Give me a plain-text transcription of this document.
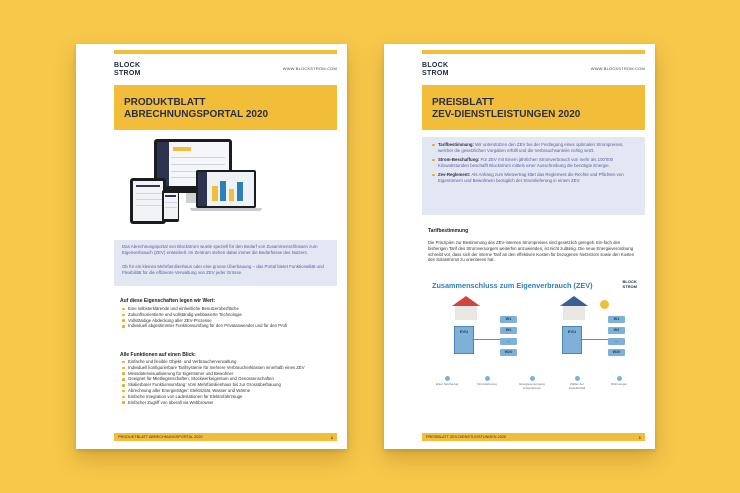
BLOCK
STROM
WWW.BLOCKSTROM.COM
PRODUKTBLATT
ABRECHNUNGSPORTAL 2020
Das Abrechnungsportal von Blockstrom wurde speziell für den Bedarf von Zusammenschlüssen zum Eigenverbrauch (ZEV) entwickelt. Im Zentrum stehen dabei immer die Bedürfnisse des Nutzers.
Ob für ein kleines Mehrfamilienhaus oder eine grosse Überbauung – das Portal bietet Funktionalität und Flexibilität für die effiziente Verwaltung von ZEV jeder Grösse.
Auf diese Eigenschaften legen wir Wert:
Eine selbsterklärende und einheitliche Benutzeroberfläche
Zukunftsorientierte und vollständig webbasierte Technologie
Vollständige Abdeckung aller ZEV-Prozesse
Individuell abgestimmter Funktionsumfang für den Privatanwender und für den Profi
Alle Funktionen auf einen Blick:
Einfache und flexible Objekt- und Verbraucherverwaltung
Individuell konfigurierbare Tarifsysteme für mehrere Verbraucherklassen innerhalb eines ZEV
Messdatenvisualisierung für Eigentümer und Bewohner
Geeignet für Mietliegenschaften, Stockwerkeigentum und Genossenschaften
Skalierbarer Funktionsumfang: Vom Mehrfamilienhaus bis zur Grossüberbauung
Abrechnung aller Energieträger: Elektrizität, Wasser und Wärme
Einfache Integration von Ladestationen für Elektrofahrzeuge
Einfacher Zugriff von überall via Webbrowser
PRODUKTBLATT ABRECHNUNGSPORTAL 2020	1
BLOCK
STROM
WWW.BLOCKSTROM.COM
PREISBLATT
ZEV-DIENSTLEISTUNGEN 2020
Tarifbestimmung: Wir unterstützen den ZEV bei der Festlegung eines optimalen Strompreises, welcher die gesetzlichen Vorgaben erfüllt und die Verbrauchsanteile richtig setzt.
Strom-Beschaffung: Für ZEV mit Einem jährlichen Stromverbrauch von mehr als 100'000 Kilowattstunden beschafft Blockstrom mittels einer Ausschreibung die benötigte Energie.
Zev-Reglement: Als Anhang zum Mietvertrag klärt das Reglement die Rechte und Pflichten von Eigentümern und Bewohnern bezüglich der Stromlieferung in einem ZEV.
Tarifbestimmung
Die Prinzipien zur Bestimmung des ZEV-internen Strompreises sind gesetzlich geregelt. Ein-fach den bisherigen Tarif des Stromversorgers weiterhin anzuwenden, ist nicht zulässig. Die neue Energieverordnung schreibt vor, dass sich der interne Tarif an den effektiven Kosten für bezogenen Netzstrom sowie den Kosten des Solarstroms zu orientieren hat.
Zusammenschluss zum Eigenverbrauch (ZEV)	BLOCK
STROM
EVU
W1
W2
...
W20
EVU
W1
W2
...
W20
Enter Netzbezug	Stromlieferung	Energieversorgung Unternehmen
Zähler der Gesellschaft
Wohnungen
PREISBLATT ZEV-DIENSTLEISTUNGEN 2020	1
